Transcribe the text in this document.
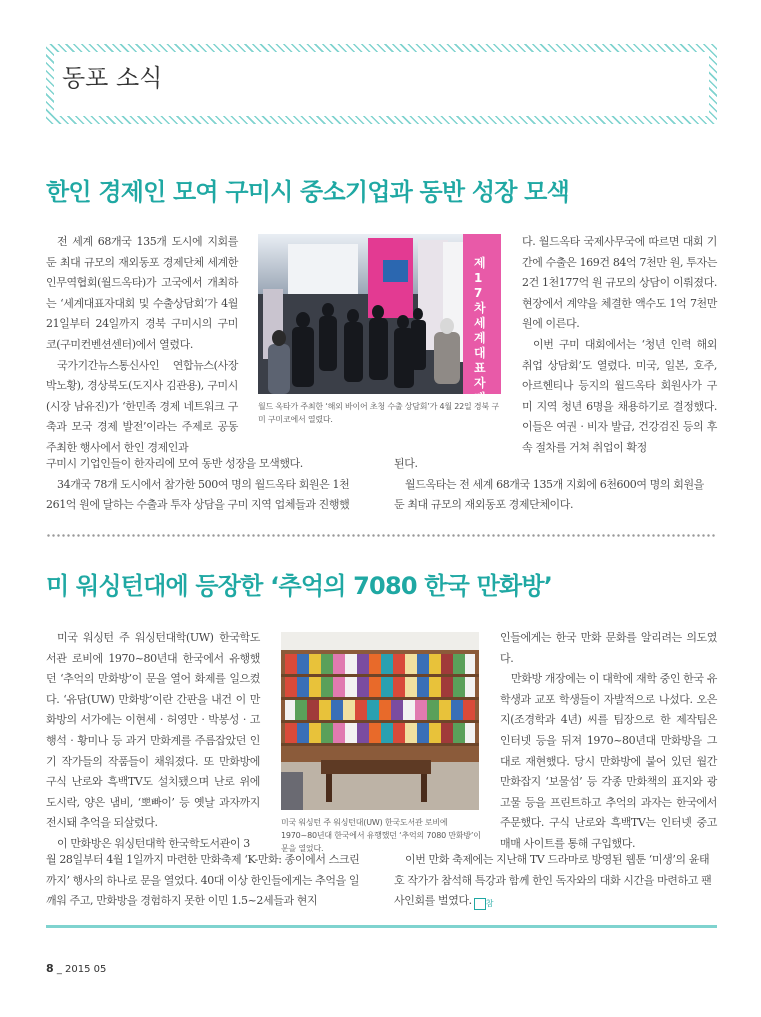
동포 소식
한인 경제인 모여 구미시 중소기업과 동반 성장 모색

전 세계 68개국 135개 도시에 지회를 둔 최대 규모의 재외동포 경제단체 세계한인무역협회(월드옥타)가 고국에서 개최하는 ‘세계대표자대회 및 수출상담회’가 4월 21일부터 24일까지 경북 구미시의 구미코(구미컨벤션센터)에서 열렸다.

국가기간뉴스통신사인 연합뉴스(사장 박노황), 경상북도(도지사 김관용), 구미시(시장 남유진)가 ‘한민족 경제 네트워크 구축과 모국 경제 발전’이라는 주제로 공동 주최한 행사에서 한인 경제인과

제17차 세계대표자대
월드 옥타가 주최한 ‘해외 바이어 초청 수출 상담회’가 4월 22일 경북 구미 구미코에서 열렸다.

다. 월드옥타 국제사무국에 따르면 대회 기간에 수출은 169건 84억 7천만 원, 투자는 2건 1천177억 원 규모의 상담이 이뤄졌다. 현장에서 계약을 체결한 액수도 1억 7천만 원에 이른다.

이번 구미 대회에서는 ‘청년 인력 해외 취업 상담회’도 열렸다. 미국, 일본, 호주, 아르헨티나 등지의 월드옥타 회원사가 구미 지역 청년 6명을 채용하기로 결정했다. 이들은 여권 · 비자 발급, 건강검진 등의 후속 절차를 거쳐 취업이 확정

구미시 기업인들이 한자리에 모여 동반 성장을 모색했다.

34개국 78개 도시에서 참가한 500여 명의 월드옥타 회원은 1천261억 원에 달하는 수출과 투자 상담을 구미 지역 업체들과 진행했

된다.

월드옥타는 전 세계 68개국 135개 지회에 6천600여 명의 회원을 둔 최대 규모의 재외동포 경제단체이다.

미 워싱턴대에 등장한 ‘추억의 7080 한국 만화방’

미국 워싱턴 주 워싱턴대학(UW) 한국학도서관 로비에 1970~80년대 한국에서 유행했던 ‘추억의 만화방’이 문을 열어 화제를 일으켰다. ‘유담(UW) 만화방’이란 간판을 내건 이 만화방의 서가에는 이현세 · 허영만 · 박봉성 · 고행석 · 황미나 등 과거 만화계를 주름잡았던 인기 작가들의 작품들이 채워졌다. 또 만화방에 구식 난로와 흑백TV도 설치됐으며 난로 위에 도시락, 양은 냄비, ‘뽀빠이’ 등 옛날 과자까지 전시돼 추억을 되살렸다.

이 만화방은 워싱턴대학 한국학도서관이 3

미국 워싱턴 주 워싱턴대(UW) 한국도서관 로비에 1970~80년대 한국에서 유행했던 ‘추억의 7080 만화방’이 문을 열었다.

인들에게는 한국 만화 문화를 알리려는 의도였다.

만화방 개장에는 이 대학에 재학 중인 한국 유학생과 교포 학생들이 자발적으로 나섰다. 오은지(조경학과 4년) 씨를 팀장으로 한 제작팀은 인터넷 등을 뒤져 1970~80년대 만화방을 그대로 재현했다. 당시 만화방에 붙어 있던 월간 만화잡지 ‘보물섬’ 등 각종 만화책의 표지와 광고물 등을 프린트하고 추억의 과자는 한국에서 주문했다. 구식 난로와 흑백TV는 인터넷 중고 매매 사이트를 통해 구입했다.

월 28일부터 4월 1일까지 마련한 만화축제 ‘K-만화: 종이에서 스크린까지’ 행사의 하나로 문을 열었다. 40대 이상 한인들에게는 추억을 일깨워 주고, 만화방을 경험하지 못한 이민 1.5~2세들과 현지

이번 만화 축제에는 지난해 TV 드라마로 방영된 웹툰 ‘미생’의 윤태호 작가가 참석해 특강과 함께 한인 독자와의 대화 시간을 마련하고 팬 사인회를 벌였다. 참

8 _ 2015 05
